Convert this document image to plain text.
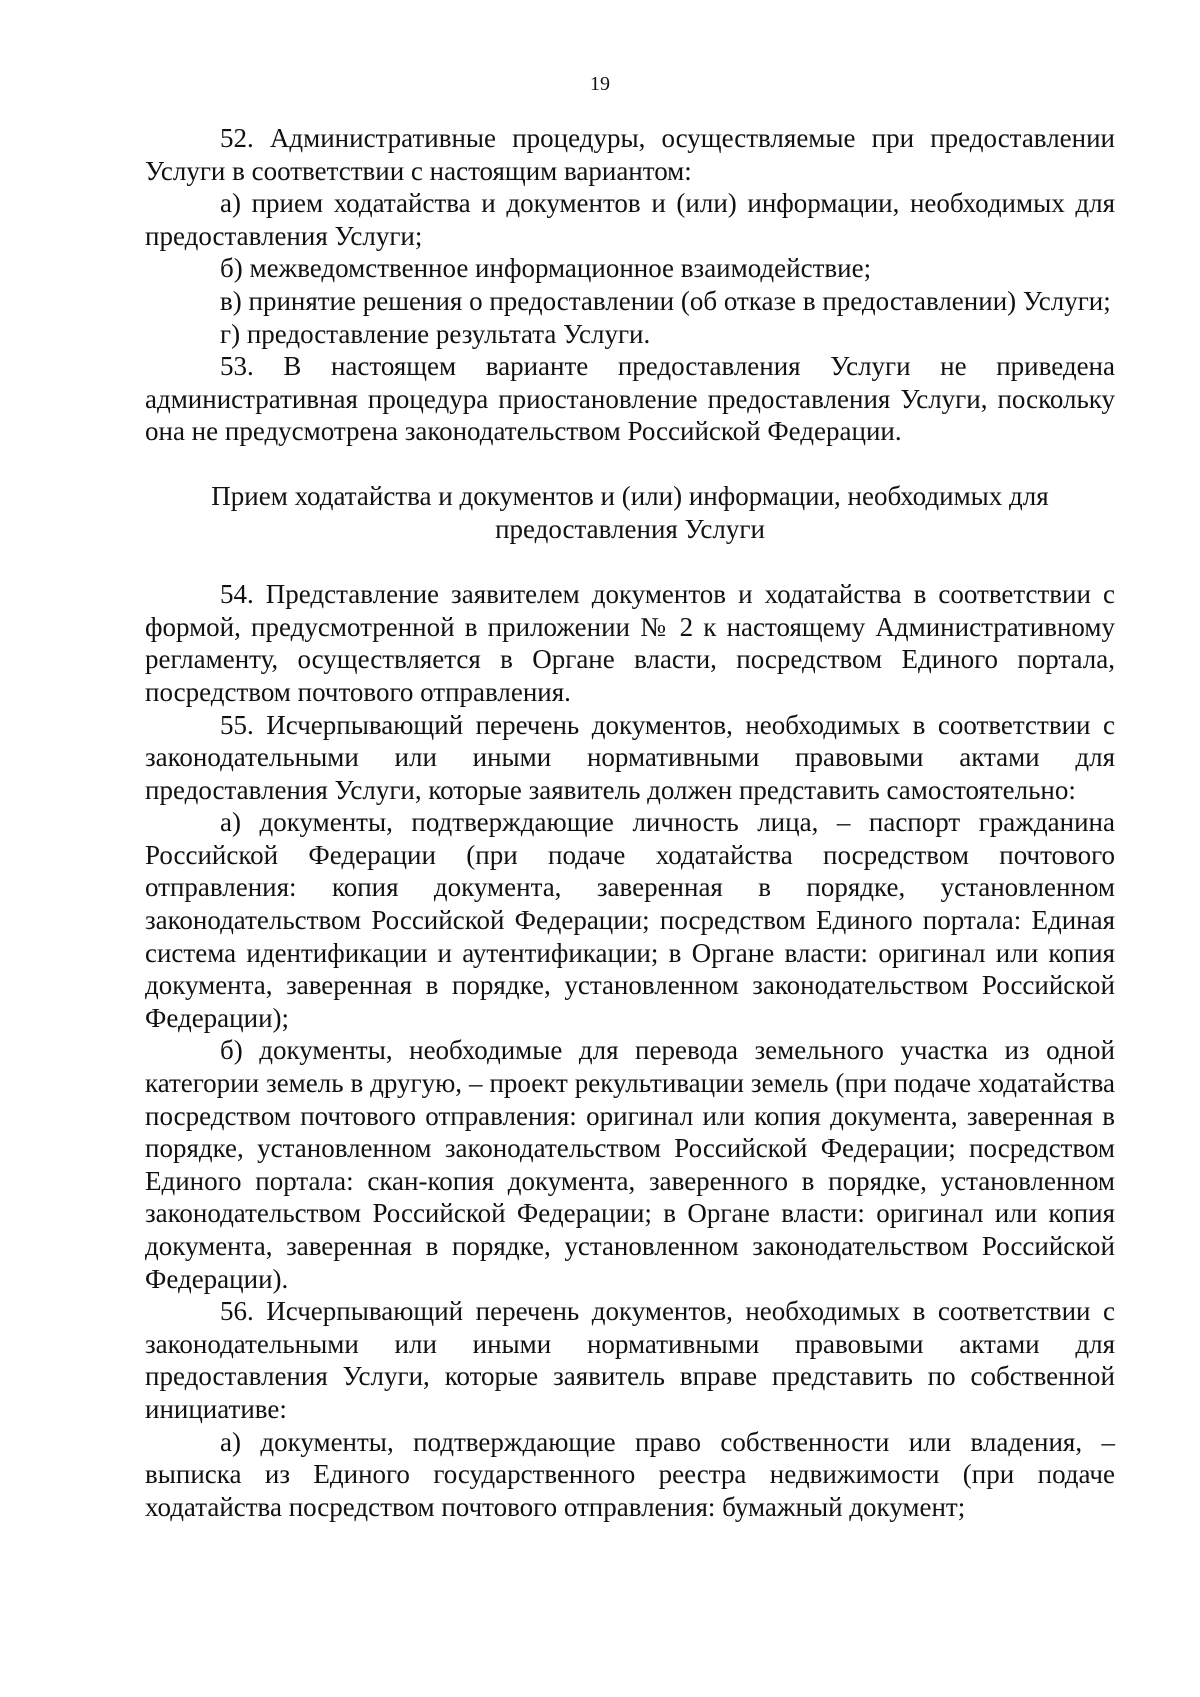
19

52. Административные процедуры, осуществляемые при предоставлении Услуги в соответствии с настоящим вариантом:

а) прием ходатайства и документов и (или) информации, необходимых для предоставления Услуги;

б) межведомственное информационное взаимодействие;

в) принятие решения о предоставлении (об отказе в предоставлении) Услуги;

г) предоставление результата Услуги.

53. В настоящем варианте предоставления Услуги не приведена административная процедура приостановление предоставления Услуги, поскольку она не предусмотрена законодательством Российской Федерации.

Прием ходатайства и документов и (или) информации, необходимых для
предоставления Услуги

54. Представление заявителем документов и ходатайства в соответствии с формой, предусмотренной в приложении № 2 к настоящему Административному регламенту, осуществляется в Органе власти, посредством Единого портала, посредством почтового отправления.

55. Исчерпывающий перечень документов, необходимых в соответствии с законодательными или иными нормативными правовыми актами для предоставления Услуги, которые заявитель должен представить самостоятельно:

а) документы, подтверждающие личность лица, – паспорт гражданина Российской Федерации (при подаче ходатайства посредством почтового отправления: копия документа, заверенная в порядке, установленном законодательством Российской Федерации; посредством Единого портала: Единая система идентификации и аутентификации; в Органе власти: оригинал или копия документа, заверенная в порядке, установленном законодательством Российской Федерации);

б) документы, необходимые для перевода земельного участка из одной категории земель в другую, – проект рекультивации земель (при подаче ходатайства посредством почтового отправления: оригинал или копия документа, заверенная в порядке, установленном законодательством Российской Федерации; посредством Единого портала: скан-копия документа, заверенного в порядке, установленном законодательством Российской Федерации; в Органе власти: оригинал или копия документа, заверенная в порядке, установленном законодательством Российской Федерации).

56. Исчерпывающий перечень документов, необходимых в соответствии с законодательными или иными нормативными правовыми актами для предоставления Услуги, которые заявитель вправе представить по собственной инициативе:

а) документы, подтверждающие право собственности или владения, – выписка из Единого государственного реестра недвижимости (при подаче ходатайства посредством почтового отправления: бумажный документ;
